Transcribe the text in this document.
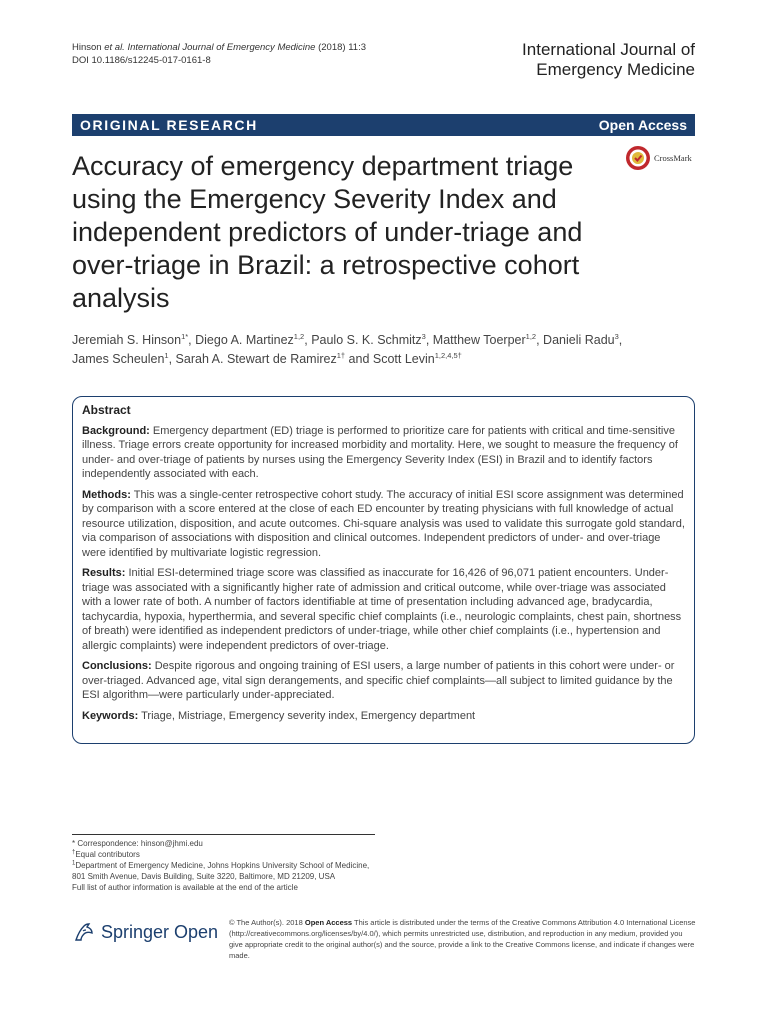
Hinson et al. International Journal of Emergency Medicine (2018) 11:3
DOI 10.1186/s12245-017-0161-8
International Journal of
Emergency Medicine
ORIGINAL RESEARCH	Open Access
Accuracy of emergency department triage using the Emergency Severity Index and independent predictors of under-triage and over-triage in Brazil: a retrospective cohort analysis
CrossMark
Jeremiah S. Hinson$^{1*}$, Diego A. Martinez$^{1,2}$, Paulo S. K. Schmitz$^3$, Matthew Toerper$^{1,2}$, Danieli Radu$^3$,
James Scheulen$^1$, Sarah A. Stewart de Ramirez$^{1\dagger}$ and Scott Levin$^{1,2,4,5\dagger}$
Abstract

Background: Emergency department (ED) triage is performed to prioritize care for patients with critical and time-sensitive illness. Triage errors create opportunity for increased morbidity and mortality. Here, we sought to measure the frequency of under- and over-triage of patients by nurses using the Emergency Severity Index (ESI) in Brazil and to identify factors independently associated with each.

Methods: This was a single-center retrospective cohort study. The accuracy of initial ESI score assignment was determined by comparison with a score entered at the close of each ED encounter by treating physicians with full knowledge of actual resource utilization, disposition, and acute outcomes. Chi-square analysis was used to validate this surrogate gold standard, via comparison of associations with disposition and clinical outcomes. Independent predictors of under- and over-triage were identified by multivariate logistic regression.

Results: Initial ESI-determined triage score was classified as inaccurate for 16,426 of 96,071 patient encounters. Under-triage was associated with a significantly higher rate of admission and critical outcome, while over-triage was associated with a lower rate of both. A number of factors identifiable at time of presentation including advanced age, bradycardia, tachycardia, hypoxia, hyperthermia, and several specific chief complaints (i.e., neurologic complaints, chest pain, shortness of breath) were identified as independent predictors of under-triage, while other chief complaints (i.e., hypertension and allergic complaints) were independent predictors of over-triage.

Conclusions: Despite rigorous and ongoing training of ESI users, a large number of patients in this cohort were under- or over-triaged. Advanced age, vital sign derangements, and specific chief complaints—all subject to limited guidance by the ESI algorithm—were particularly under-appreciated.

Keywords: Triage, Mistriage, Emergency severity index, Emergency department

* Correspondence: hinson@jhmi.edu
†Equal contributors
$^1$Department of Emergency Medicine, Johns Hopkins University School of Medicine, 801 Smith Avenue, Davis Building, Suite 3220, Baltimore, MD 21209, USA
Full list of author information is available at the end of the article
Springer Open © The Author(s). 2018 Open Access This article is distributed under the terms of the Creative Commons Attribution 4.0 International License (http://creativecommons.org/licenses/by/4.0/), which permits unrestricted use, distribution, and reproduction in any medium, provided you give appropriate credit to the original author(s) and the source, provide a link to the Creative Commons license, and indicate if changes were made.
